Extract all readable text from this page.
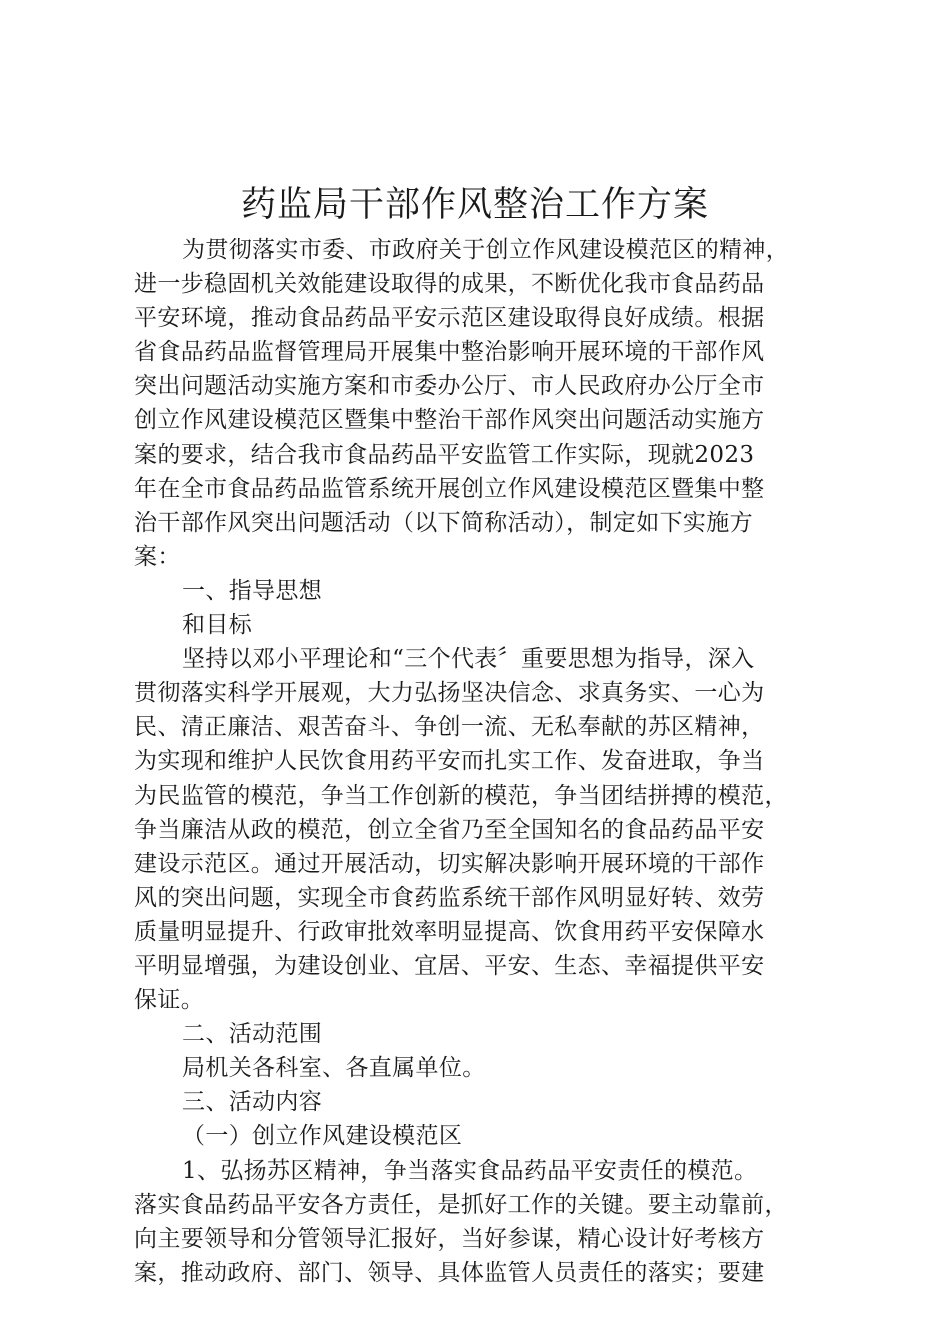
药监局干部作风整治工作方案
为贯彻落实市委、市政府关于创立作风建设模范区的精神，
进一步稳固机关效能建设取得的成果，不断优化我市食品药品
平安环境，推动食品药品平安示范区建设取得良好成绩。根据
省食品药品监督管理局开展集中整治影响开展环境的干部作风
突出问题活动实施方案和市委办公厅、市人民政府办公厅全市
创立作风建设模范区暨集中整治干部作风突出问题活动实施方
案的要求，结合我市食品药品平安监管工作实际，现就2023
年在全市食品药品监管系统开展创立作风建设模范区暨集中整
治干部作风突出问题活动（以下简称活动），制定如下实施方
案：
一、指导思想
和目标
坚持以邓小平理论和“三个代表〞重要思想为指导，深入
贯彻落实科学开展观，大力弘扬坚决信念、求真务实、一心为
民、清正廉洁、艰苦奋斗、争创一流、无私奉献的苏区精神，
为实现和维护人民饮食用药平安而扎实工作、发奋进取，争当
为民监管的模范，争当工作创新的模范，争当团结拼搏的模范，
争当廉洁从政的模范，创立全省乃至全国知名的食品药品平安
建设示范区。通过开展活动，切实解决影响开展环境的干部作
风的突出问题，实现全市食药监系统干部作风明显好转、效劳
质量明显提升、行政审批效率明显提高、饮食用药平安保障水
平明显增强，为建设创业、宜居、平安、生态、幸福提供平安
保证。
二、活动范围
局机关各科室、各直属单位。
三、活动内容
（一）创立作风建设模范区
1、弘扬苏区精神，争当落实食品药品平安责任的模范。
落实食品药品平安各方责任，是抓好工作的关键。要主动靠前，
向主要领导和分管领导汇报好，当好参谋，精心设计好考核方
案，推动政府、部门、领导、具体监管人员责任的落实；要建
